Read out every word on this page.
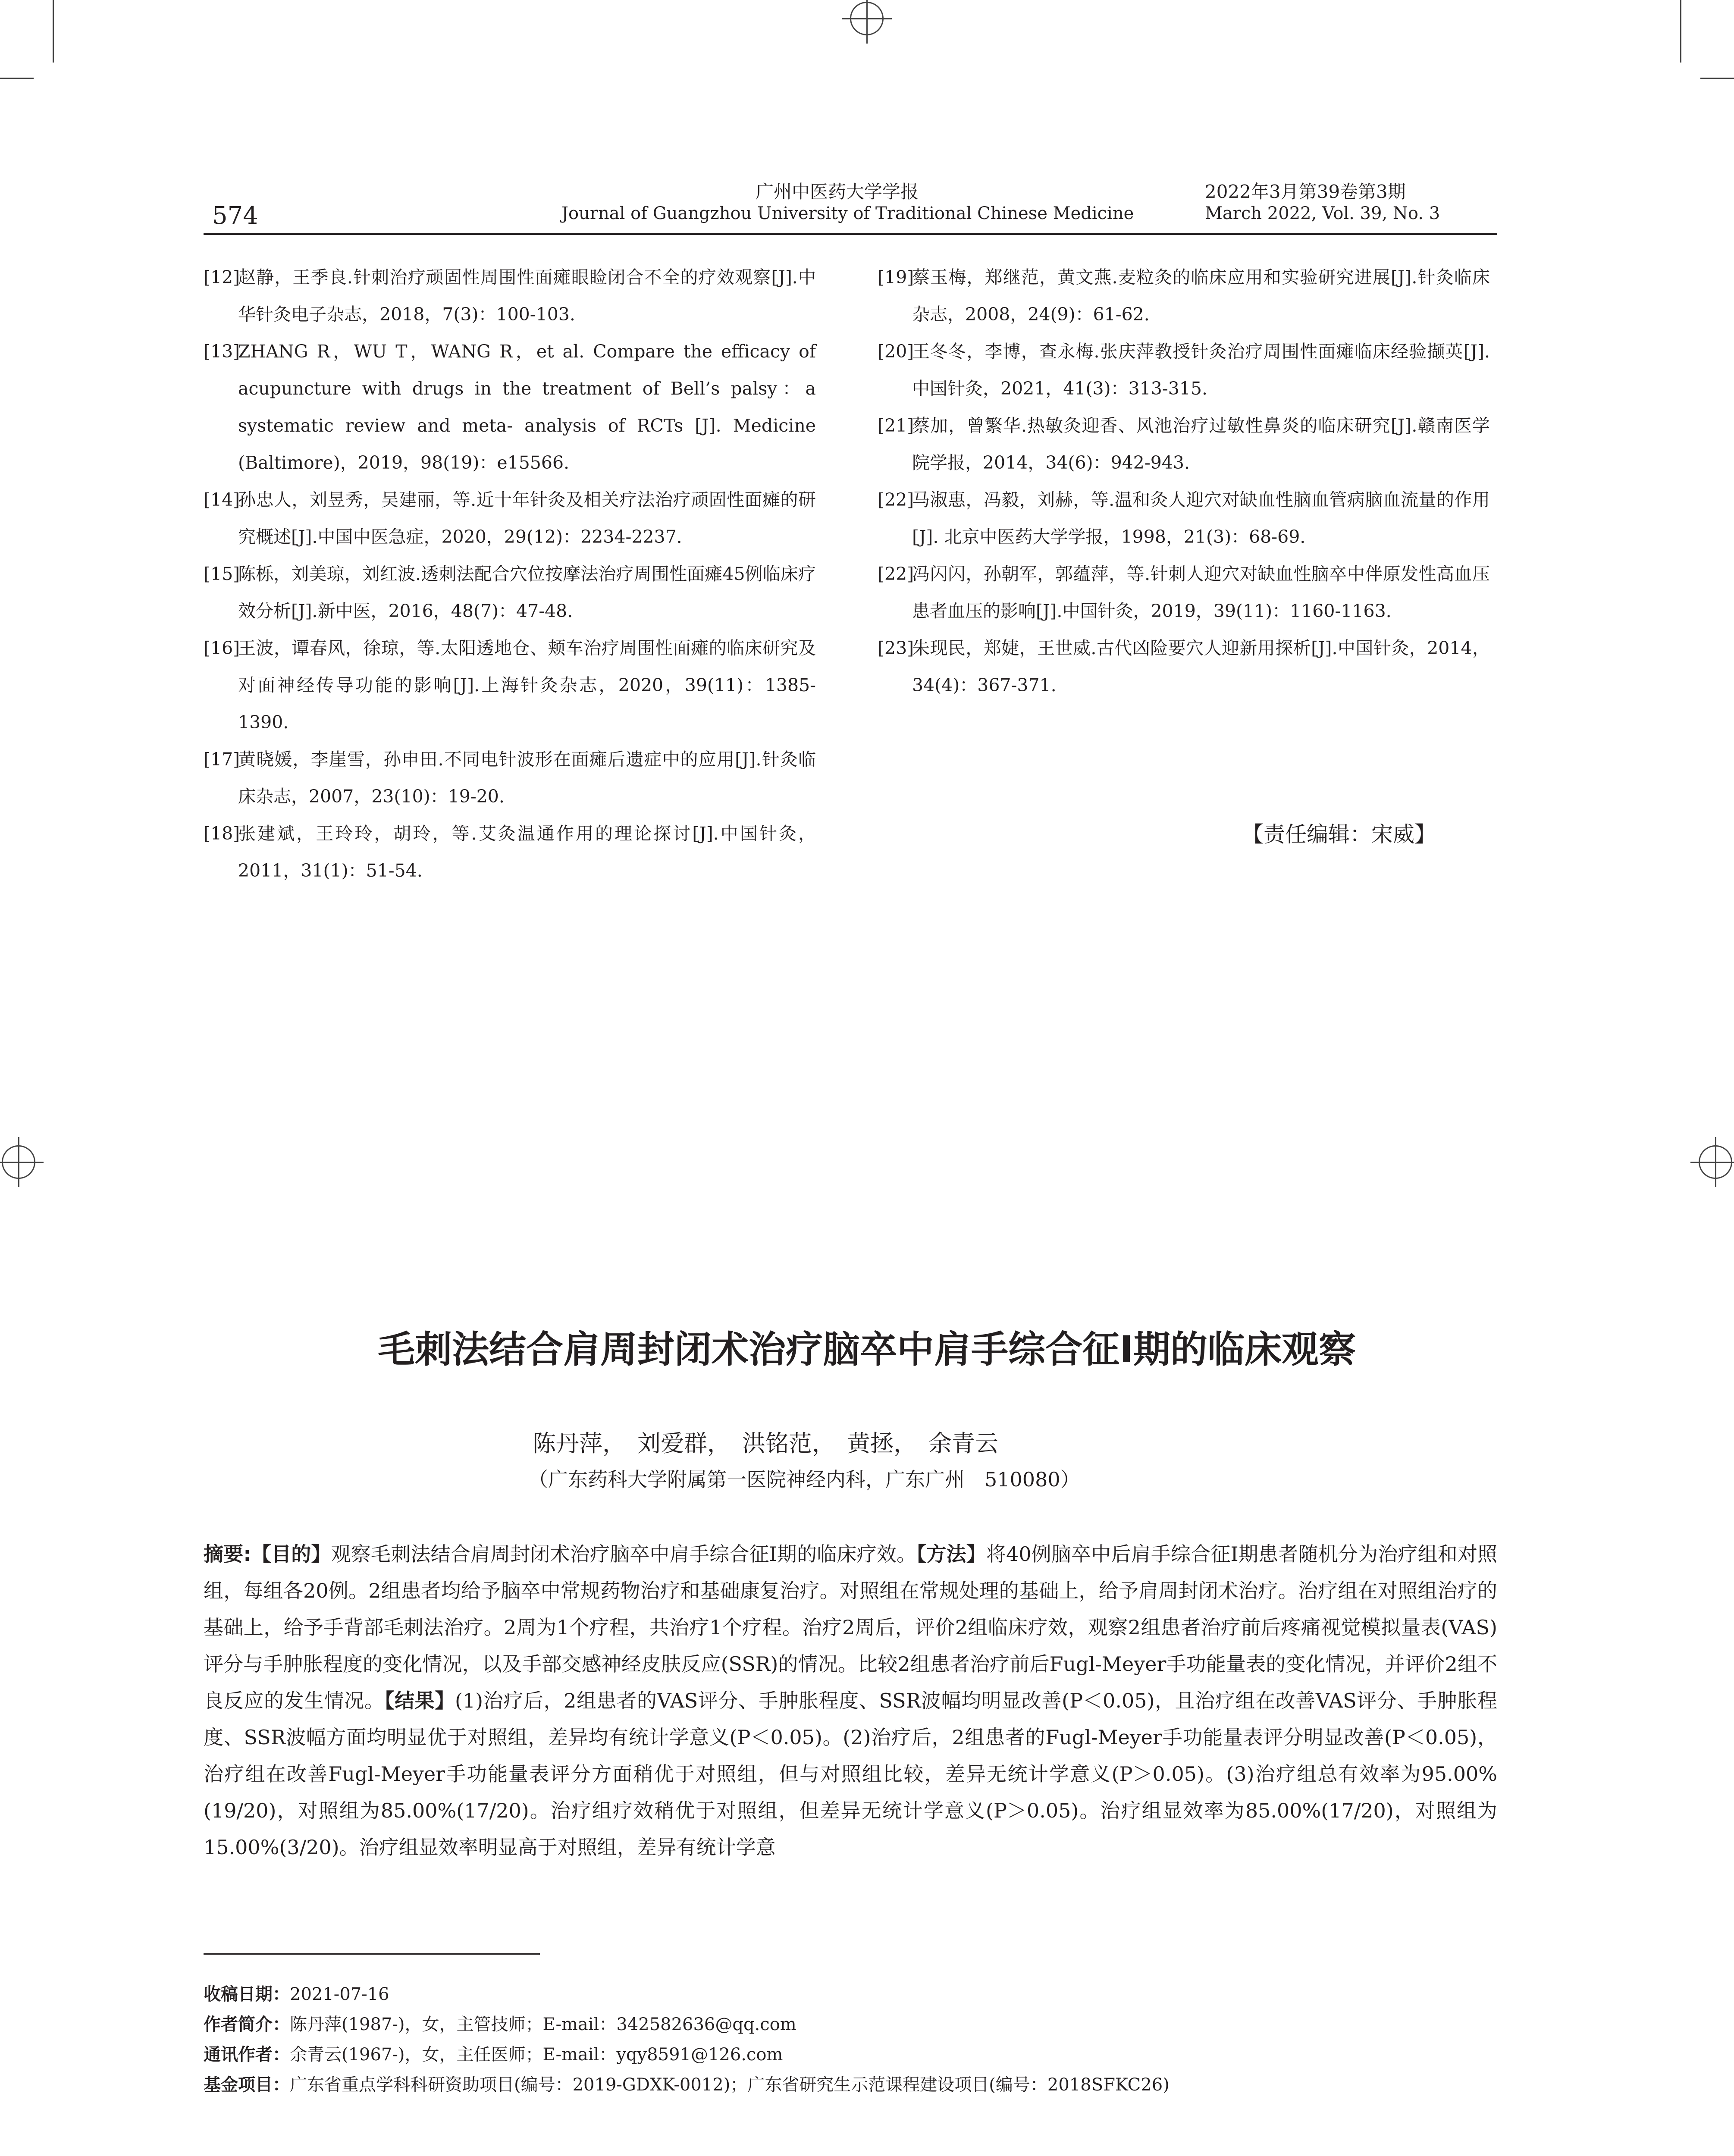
574
广州中医药大学学报
Journal of Guangzhou University of Traditional Chinese Medicine
2022年3月第39卷第3期
March 2022, Vol. 39, No. 3
[12]
赵静，王季良.针刺治疗顽固性周围性面瘫眼睑闭合不全的疗效观察[J].中华针灸电子杂志，2018，7(3)：100-103.
[13]
ZHANG R，WU T，WANG R，et al. Compare the efficacy of acupuncture with drugs in the treatment of Bell’s palsy：a systematic review and meta- analysis of RCTs [J]. Medicine (Baltimore)，2019，98(19)：e15566.
[14]
孙忠人，刘昱秀，吴建丽，等.近十年针灸及相关疗法治疗顽固性面瘫的研究概述[J].中国中医急症，2020，29(12)：2234-2237.
[15]
陈栎，刘美琼，刘红波.透刺法配合穴位按摩法治疗周围性面瘫45例临床疗效分析[J].新中医，2016，48(7)：47-48.
[16]
王波，谭春风，徐琼，等.太阳透地仓、颊车治疗周围性面瘫的临床研究及对面神经传导功能的影响[J].上海针灸杂志，2020，39(11)：1385-1390.
[17]
黄晓媛，李崖雪，孙申田.不同电针波形在面瘫后遗症中的应用[J].针灸临床杂志，2007，23(10)：19-20.
[18]
张建斌，王玲玲，胡玲，等.艾灸温通作用的理论探讨[J].中国针灸，2011，31(1)：51-54.
[19]
蔡玉梅，郑继范，黄文燕.麦粒灸的临床应用和实验研究进展[J].针灸临床杂志，2008，24(9)：61-62.
[20]
王冬冬，李博，查永梅.张庆萍教授针灸治疗周围性面瘫临床经验撷英[J].中国针灸，2021，41(3)：313-315.
[21]
蔡加，曾繁华.热敏灸迎香、风池治疗过敏性鼻炎的临床研究[J].赣南医学院学报，2014，34(6)：942-943.
[22]
马淑惠，冯毅，刘赫，等.温和灸人迎穴对缺血性脑血管病脑血流量的作用[J]. 北京中医药大学学报，1998，21(3)：68-69.
[22]
冯闪闪，孙朝军，郭蕴萍，等.针刺人迎穴对缺血性脑卒中伴原发性高血压患者血压的影响[J].中国针灸，2019，39(11)：1160-1163.
[23]
朱现民，郑婕，王世威.古代凶险要穴人迎新用探析[J].中国针灸，2014，34(4)：367-371.
【责任编辑：宋威】
毛刺法结合肩周封闭术治疗脑卒中肩手综合征Ⅰ期的临床观察
陈丹萍，　刘爱群，　洪铭范，　黄拯，　余青云
（广东药科大学附属第一医院神经内科，广东广州　510080）
摘要:【目的】观察毛刺法结合肩周封闭术治疗脑卒中肩手综合征Ⅰ期的临床疗效。【方法】将40例脑卒中后肩手综合征Ⅰ期患者随机分为治疗组和对照组，每组各20例。2组患者均给予脑卒中常规药物治疗和基础康复治疗。对照组在常规处理的基础上，给予肩周封闭术治疗。治疗组在对照组治疗的基础上，给予手背部毛刺法治疗。2周为1个疗程，共治疗1个疗程。治疗2周后，评价2组临床疗效，观察2组患者治疗前后疼痛视觉模拟量表(VAS)评分与手肿胀程度的变化情况，以及手部交感神经皮肤反应(SSR)的情况。比较2组患者治疗前后Fugl-Meyer手功能量表的变化情况，并评价2组不良反应的发生情况。【结果】(1)治疗后，2组患者的VAS评分、手肿胀程度、SSR波幅均明显改善(P＜0.05)，且治疗组在改善VAS评分、手肿胀程度、SSR波幅方面均明显优于对照组，差异均有统计学意义(P＜0.05)。(2)治疗后，2组患者的Fugl-Meyer手功能量表评分明显改善(P＜0.05)，治疗组在改善Fugl-Meyer手功能量表评分方面稍优于对照组，但与对照组比较，差异无统计学意义(P＞0.05)。(3)治疗组总有效率为95.00%(19/20)，对照组为85.00%(17/20)。治疗组疗效稍优于对照组，但差异无统计学意义(P＞0.05)。治疗组显效率为85.00%(17/20)，对照组为15.00%(3/20)。治疗组显效率明显高于对照组，差异有统计学意
收稿日期：2021-07-16
作者简介：陈丹萍(1987-)，女，主管技师；E-mail：342582636@qq.com
通讯作者：余青云(1967-)，女，主任医师；E-mail：yqy8591@126.com
基金项目：广东省重点学科科研资助项目(编号：2019-GDXK-0012)；广东省研究生示范课程建设项目(编号：2018SFKC26)
